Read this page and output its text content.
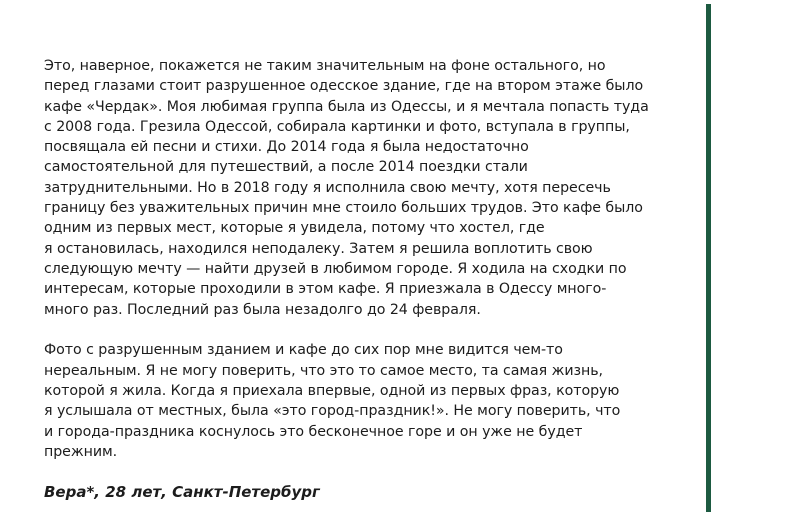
Это, наверное, покажется не таким значительным на фоне остального, но
перед глазами стоит разрушенное одесское здание, где на втором этаже было
кафе «Чердак». Моя любимая группа была из Одессы, и я мечтала попасть туда
с 2008 года. Грезила Одессой, собирала картинки и фото, вступала в группы,
посвящала ей песни и стихи. До 2014 года я была недостаточно
самостоятельной для путешествий, а после 2014 поездки стали
затруднительными. Но в 2018 году я исполнила свою мечту, хотя пересечь
границу без уважительных причин мне стоило больших трудов. Это кафе было
одним из первых мест, которые я увидела, потому что хостел, где
я остановилась, находился неподалеку. Затем я решила воплотить свою
следующую мечту — найти друзей в любимом городе. Я ходила на сходки по
интересам, которые проходили в этом кафе. Я приезжала в Одессу много-
много раз. Последний раз была незадолго до 24 февраля.

Фото с разрушенным зданием и кафе до сих пор мне видится чем-то
нереальным. Я не могу поверить, что это то самое место, та самая жизнь,
которой я жила. Когда я приехала впервые, одной из первых фраз, которую
я услышала от местных, была «это город-праздник!». Не могу поверить, что
и города-праздника коснулось это бесконечное горе и он уже не будет
прежним.

Вера*, 28 лет, Санкт-Петербург
